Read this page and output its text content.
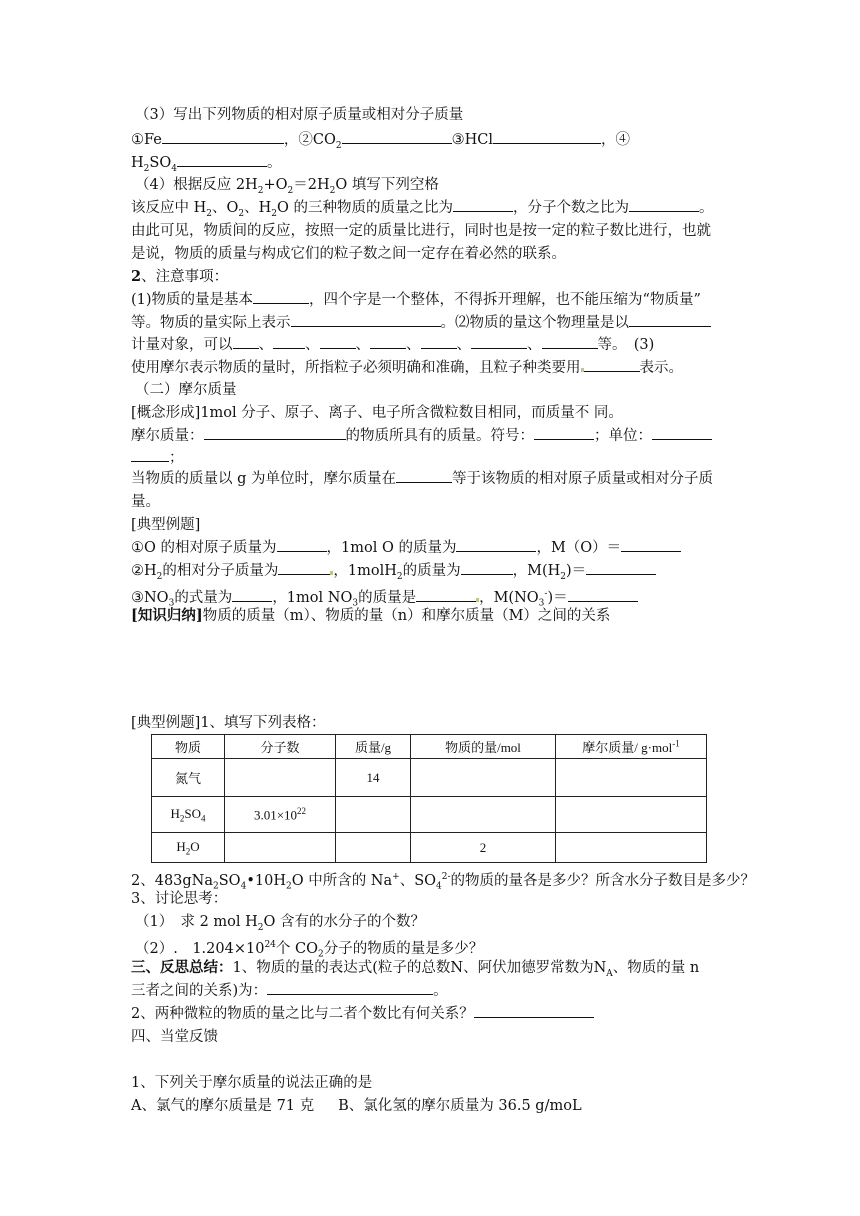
（3）写出下列物质的相对原子质量或相对分子质量
①Fe	，$②CO_2$	③HCl	，④
$H_2SO_4$	。
（4）根据反应 $2H_2+O_2=2H_2O$ 填写下列空格
该反应中 $H_2$、$O_2$、$H_2O$ 的三种物质的质量之比为	，分子个数之比为	。
由此可见，物质间的反应，按照一定的质量比进行，同时也是按一定的粒子数比进行，也就
是说，物质的质量与构成它们的粒子数之间一定存在着必然的联系。
2、注意事项：
(1)物质的量是基本	，四个字是一个整体，不得拆开理解，也不能压缩为“物质量”
等。物质的量实际上表示	。⑵物质的量这个物理量是以
计量对象，可以 、 、 、 、 、	、	等。　(3)
使用摩尔表示物质的量时，所指粒子必须明确和准确，且粒子种类要用	表示。
（二）摩尔质量
[概念形成]1mol 分子、原子、离子、电子所含微粒数目相同，而质量不 同。
摩尔质量：	的物质所具有的质量。符号：	；单位：
；
当物质的质量以 g 为单位时，摩尔质量在	等于该物质的相对原子质量或相对分子质
量。
[典型例题]
①O 的相对原子质量为	，1mol O 的质量为	，M（O）＝
$②H_2$的相对分子质量为	，1molH$_2$的质量为	，$M(H_2)=$
$③NO_3$的式量为	，1mol $NO_3$的质量是	，$M(NO_3^-)=$
[知识归纳]物质的质量（m）、物质的量（n）和摩尔质量（M）之间的关系
[典型例题]1、填写下列表格：
物质	分子数	质量/g	物质的量/mol	摩尔质量/ g·mol$^{-1}$
氮气		14		
$H_2SO_4$	$3.01\times 10^{22}$			
$H_2O$			2	
2、$483gNa_2SO_4•10H_2O$ 中所含的 Na+、$SO_4^{2-}$的物质的量各是多少？所含水分子数目是多少？
3、讨论思考：
（1）　求 2 mol $H_2O$ 含有的水分子的个数？
（2）.　$1.204\times 10^{24}$个 $CO_2$分子的物质的量是多少？
三、反思总结：1、物质的量的表达式(粒子的总数N、阿伏加德罗常数为$N_A$、物质的量 n
三者之间的关系)为：	。
2、两种微粒的物质的量之比与二者个数比有何关系？
四、当堂反馈
1、下列关于摩尔质量的说法正确的是
A、氯气的摩尔质量是 71 克 B、氯化氢的摩尔质量为 36.5 g/moL
